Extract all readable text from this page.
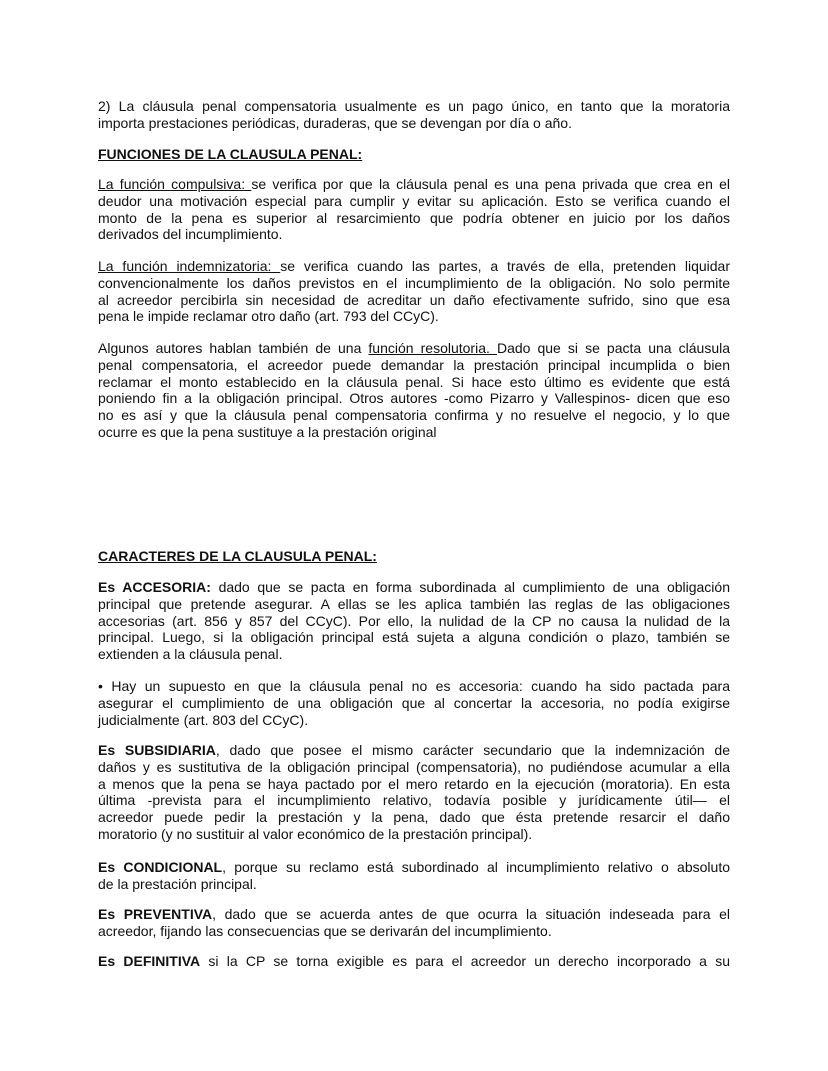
2) La cláusula penal compensatoria usualmente es un pago único, en tanto que la moratoria
importa prestaciones periódicas, duraderas, que se devengan por día o año.
FUNCIONES DE LA CLAUSULA PENAL:
La función compulsiva: se verifica por que la cláusula penal es una pena privada que crea en el
deudor una motivación especial para cumplir y evitar su aplicación. Esto se verifica cuando el
monto de la pena es superior al resarcimiento que podría obtener en juicio por los daños
derivados del incumplimiento.
La función indemnizatoria: se verifica cuando las partes, a través de ella, pretenden liquidar
convencionalmente los daños previstos en el incumplimiento de la obligación. No solo permite
al acreedor percibirla sin necesidad de acreditar un daño efectivamente sufrido, sino que esa
pena le impide reclamar otro daño (art. 793 del CCyC).
Algunos autores hablan también de una función resolutoria. Dado que si se pacta una cláusula
penal compensatoria, el acreedor puede demandar la prestación principal incumplida o bien
reclamar el monto establecido en la cláusula penal. Si hace esto último es evidente que está
poniendo fin a la obligación principal. Otros autores -como Pizarro y Vallespinos- dicen que eso
no es así y que la cláusula penal compensatoria confirma y no resuelve el negocio, y lo que
ocurre es que la pena sustituye a la prestación original
CARACTERES DE LA CLAUSULA PENAL:
Es ACCESORIA: dado que se pacta en forma subordinada al cumplimiento de una obligación
principal que pretende asegurar. A ellas se les aplica también las reglas de las obligaciones
accesorias (art. 856 y 857 del CCyC). Por ello, la nulidad de la CP no causa la nulidad de la
principal. Luego, si la obligación principal está sujeta a alguna condición o plazo, también se
extienden a la cláusula penal.
• Hay un supuesto en que la cláusula penal no es accesoria: cuando ha sido pactada para
asegurar el cumplimiento de una obligación que al concertar la accesoria, no podía exigirse
judicialmente (art. 803 del CCyC).
Es SUBSIDIARIA, dado que posee el mismo carácter secundario que la indemnización de
daños y es sustitutiva de la obligación principal (compensatoria), no pudiéndose acumular a ella
a menos que la pena se haya pactado por el mero retardo en la ejecución (moratoria). En esta
última -prevista para el incumplimiento relativo, todavía posible y jurídicamente útil— el
acreedor puede pedir la prestación y la pena, dado que ésta pretende resarcir el daño
moratorio (y no sustituir al valor económico de la prestación principal).
Es CONDICIONAL, porque su reclamo está subordinado al incumplimiento relativo o absoluto
de la prestación principal.
Es PREVENTIVA, dado que se acuerda antes de que ocurra la situación indeseada para el
acreedor, fijando las consecuencias que se derivarán del incumplimiento.
Es DEFINITIVA si la CP se torna exigible es para el acreedor un derecho incorporado a su
